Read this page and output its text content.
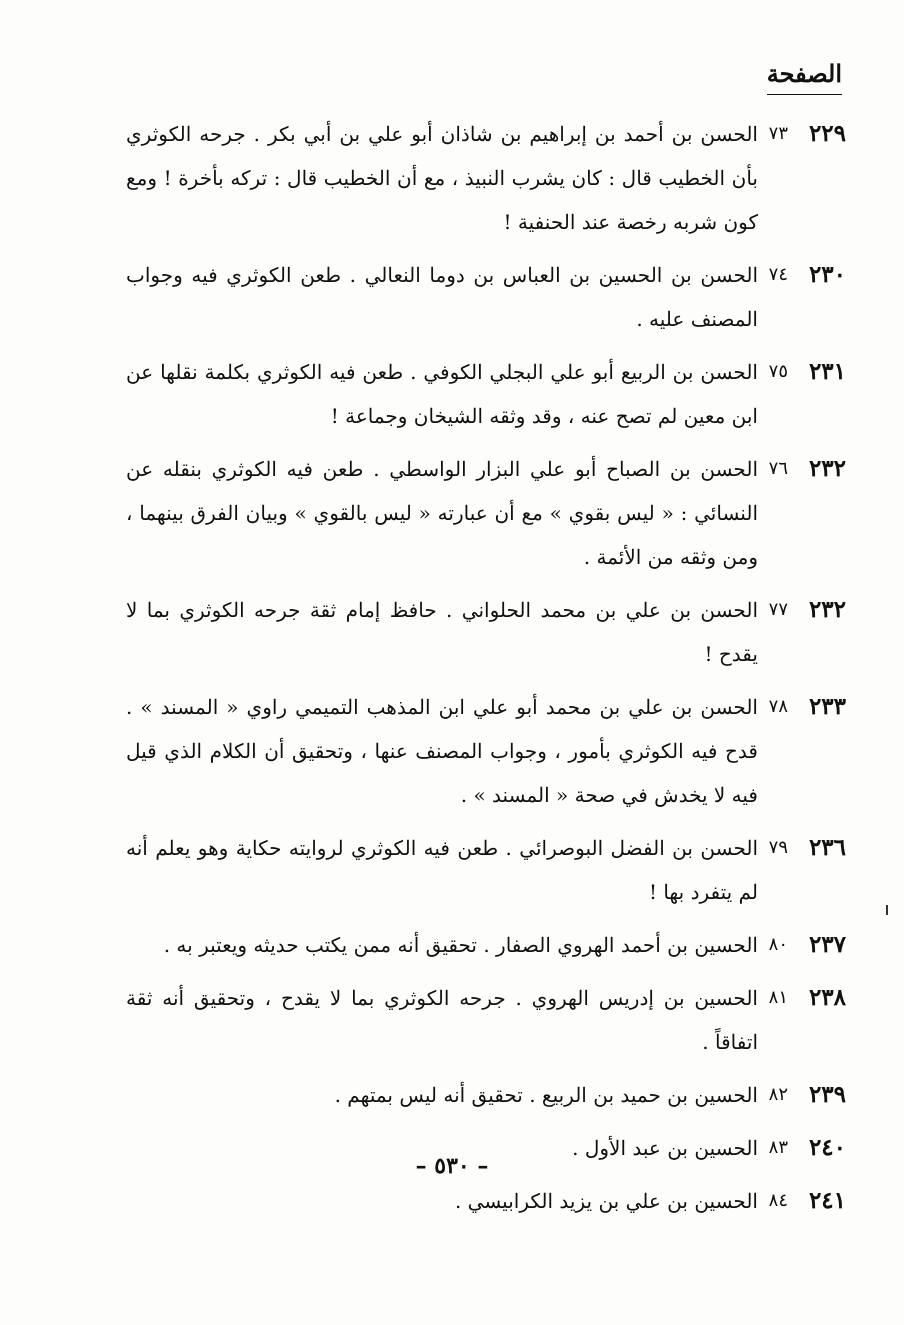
الصفحة
٢٢٩
٧٣
الحسن بن أحمد بن إبراهيم بن شاذان أبو علي بن أبي بكر . جرحه الكوثري بأن الخطيب قال : كان يشرب النبيذ ، مع أن الخطيب قال : تركه بأخرة ! ومع كون شربه رخصة عند الحنفية !
٢٣٠
٧٤
الحسن بن الحسين بن العباس بن دوما النعالي . طعن الكوثري فيه وجواب المصنف عليه .
٢٣١
٧٥
الحسن بن الربيع أبو علي البجلي الكوفي . طعن فيه الكوثري بكلمة نقلها عن ابن معين لم تصح عنه ، وقد وثقه الشيخان وجماعة !
٢٣٢
٧٦
الحسن بن الصباح أبو علي البزار الواسطي . طعن فيه الكوثري بنقله عن النسائي : « ليس بقوي » مع أن عبارته « ليس بالقوي » وبيان الفرق بينهما ، ومن وثقه من الأئمة .
٢٣٢
٧٧
الحسن بن علي بن محمد الحلواني . حافظ إمام ثقة جرحه الكوثري بما لا يقدح !
٢٣٣
٧٨
الحسن بن علي بن محمد أبو علي ابن المذهب التميمي راوي « المسند » . قدح فيه الكوثري بأمور ، وجواب المصنف عنها ، وتحقيق أن الكلام الذي قيل فيه لا يخدش في صحة « المسند » .
٢٣٦
٧٩
الحسن بن الفضل البوصرائي . طعن فيه الكوثري لروايته حكاية وهو يعلم أنه لم يتفرد بها !
٢٣٧
٨٠
الحسين بن أحمد الهروي الصفار . تحقيق أنه ممن يكتب حديثه ويعتبر به .
٢٣٨
٨١
الحسين بن إدريس الهروي . جرحه الكوثري بما لا يقدح ، وتحقيق أنه ثقة اتفاقاً .
٢٣٩
٨٢
الحسين بن حميد بن الربيع . تحقيق أنه ليس بمتهم .
٢٤٠
٨٣
الحسين بن عبد الأول .
٢٤١
٨٤
الحسين بن علي بن يزيد الكرابيسي .
– ٥٣٠ –
